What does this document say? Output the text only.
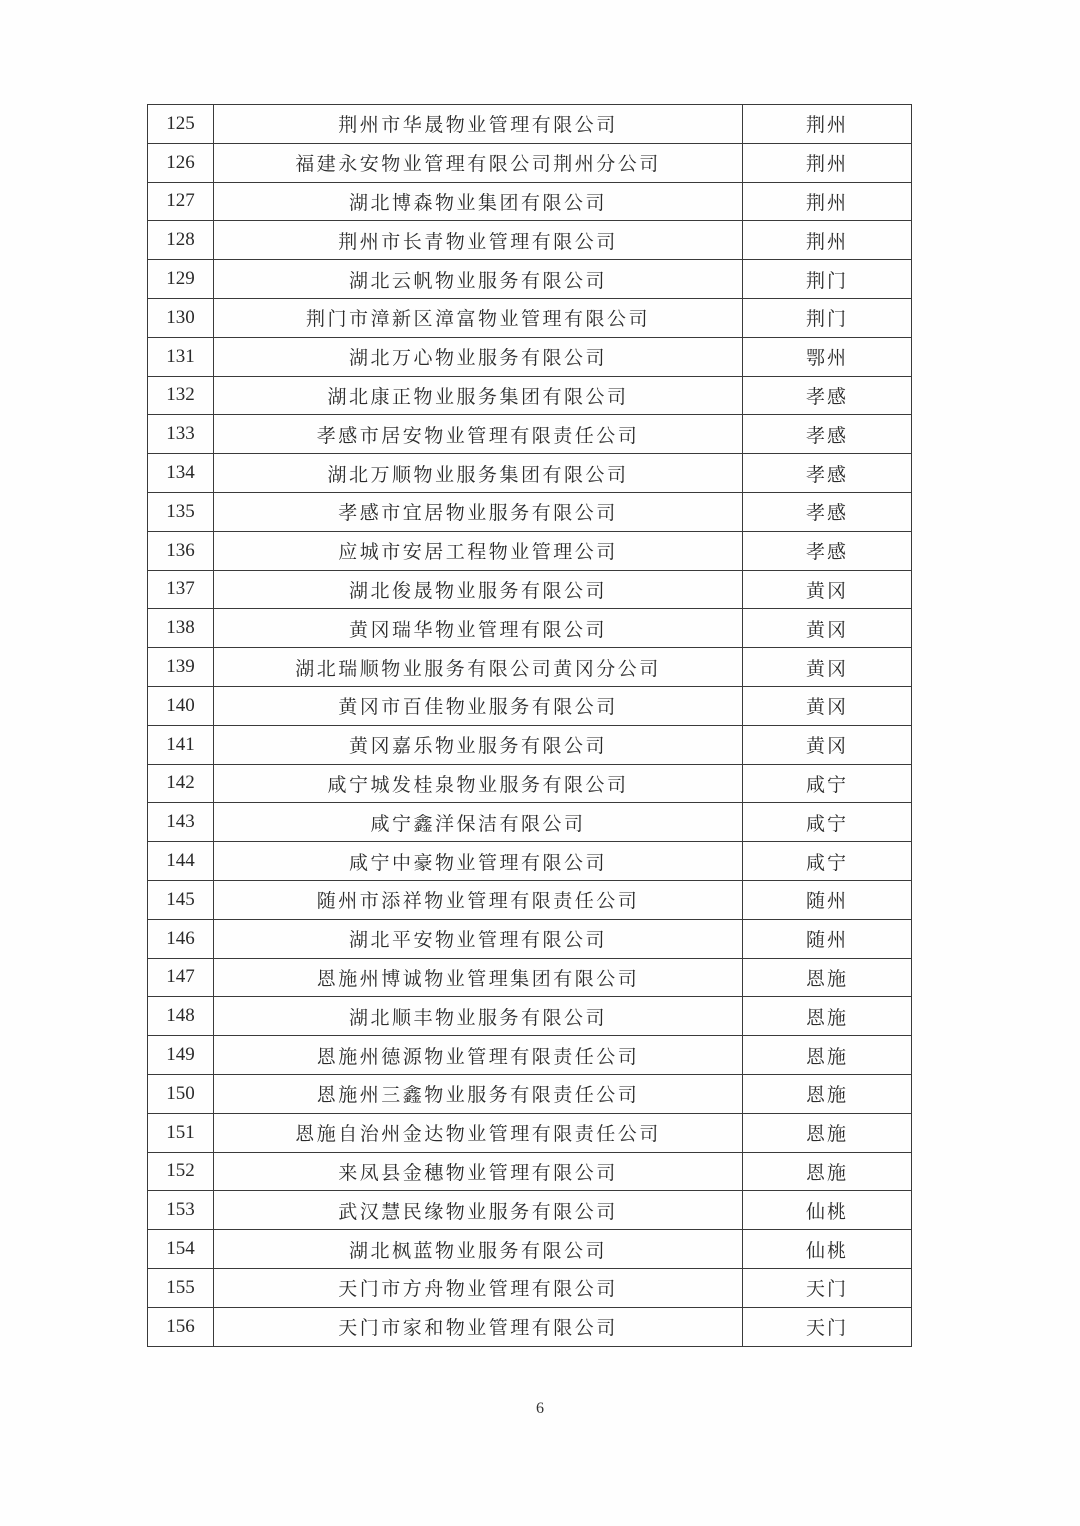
125	荆州市华晟物业管理有限公司	荆州
126	福建永安物业管理有限公司荆州分公司	荆州
127	湖北博森物业集团有限公司	荆州
128	荆州市长青物业管理有限公司	荆州
129	湖北云帆物业服务有限公司	荆门
130	荆门市漳新区漳富物业管理有限公司	荆门
131	湖北万心物业服务有限公司	鄂州
132	湖北康正物业服务集团有限公司	孝感
133	孝感市居安物业管理有限责任公司	孝感
134	湖北万顺物业服务集团有限公司	孝感
135	孝感市宜居物业服务有限公司	孝感
136	应城市安居工程物业管理公司	孝感
137	湖北俊晟物业服务有限公司	黄冈
138	黄冈瑞华物业管理有限公司	黄冈
139	湖北瑞顺物业服务有限公司黄冈分公司	黄冈
140	黄冈市百佳物业服务有限公司	黄冈
141	黄冈嘉乐物业服务有限公司	黄冈
142	咸宁城发桂泉物业服务有限公司	咸宁
143	咸宁鑫洋保洁有限公司	咸宁
144	咸宁中豪物业管理有限公司	咸宁
145	随州市添祥物业管理有限责任公司	随州
146	湖北平安物业管理有限公司	随州
147	恩施州博诚物业管理集团有限公司	恩施
148	湖北顺丰物业服务有限公司	恩施
149	恩施州德源物业管理有限责任公司	恩施
150	恩施州三鑫物业服务有限责任公司	恩施
151	恩施自治州金达物业管理有限责任公司	恩施
152	来凤县金穗物业管理有限公司	恩施
153	武汉慧民缘物业服务有限公司	仙桃
154	湖北枫蓝物业服务有限公司	仙桃
155	天门市方舟物业管理有限公司	天门
156	天门市家和物业管理有限公司	天门
6
